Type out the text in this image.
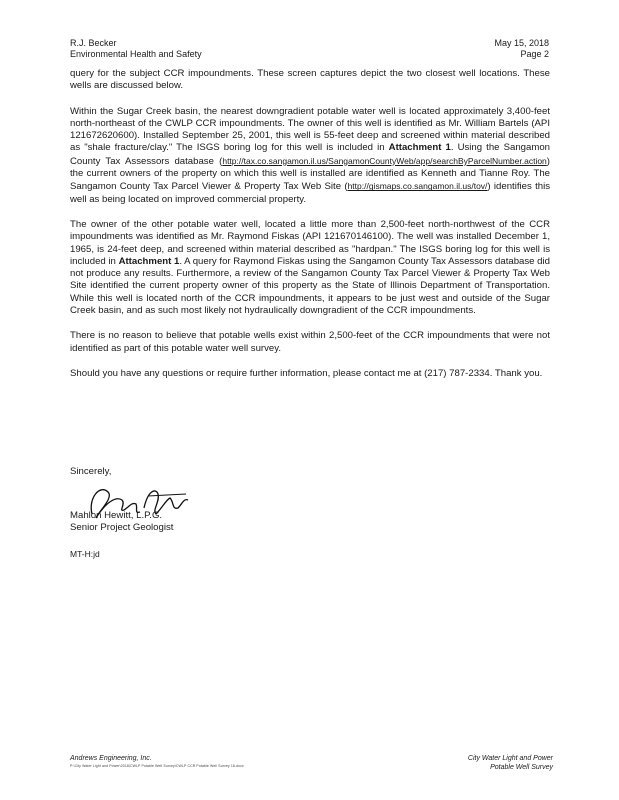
R.J. Becker
Environmental Health and Safety
May 15, 2018
Page 2

query for the subject CCR impoundments. These screen captures depict the two closest well locations. These wells are discussed below.

Within the Sugar Creek basin, the nearest downgradient potable water well is located approximately 3,400-feet north-northeast of the CWLP CCR impoundments. The owner of this well is identified as Mr. William Bartels (API 121672620600). Installed September 25, 2001, this well is 55-feet deep and screened within material described as "shale fracture/clay." The ISGS boring log for this well is included in Attachment 1. Using the Sangamon County Tax Assessors database (http://tax.co.sangamon.il.us/SangamonCountyWeb/app/searchByParcelNumber.action) the current owners of the property on which this well is installed are identified as Kenneth and Tianne Roy. The Sangamon County Tax Parcel Viewer & Property Tax Web Site (http://gismaps.co.sangamon.il.us/tov/) identifies this well as being located on improved commercial property.

The owner of the other potable water well, located a little more than 2,500-feet north-northwest of the CCR impoundments was identified as Mr. Raymond Fiskas (API 121670146100). The well was installed December 1, 1965, is 24-feet deep, and screened within material described as "hardpan." The ISGS boring log for this well is included in Attachment 1. A query for Raymond Fiskas using the Sangamon County Tax Assessors database did not produce any results. Furthermore, a review of the Sangamon County Tax Parcel Viewer & Property Tax Web Site identified the current property owner of this property as the State of Illinois Department of Transportation. While this well is located north of the CCR impoundments, it appears to be just west and outside of the Sugar Creek basin, and as such most likely not hydraulically downgradient of the CCR impoundments.

There is no reason to believe that potable wells exist within 2,500-feet of the CCR impoundments that were not identified as part of this potable water well survey.

Should you have any questions or require further information, please contact me at (217) 787-2334. Thank you.

Sincerely,
Mahlon Hewitt, L.P.G.
Senior Project Geologist
MT-H:jd
Andrews Engineering, Inc.
P:\City Water Light and Power\2018\CWLP Potable Well Survey\CWLP CCR Potable Well Survey 18.docx
City Water Light and Power
Potable Well Survey
